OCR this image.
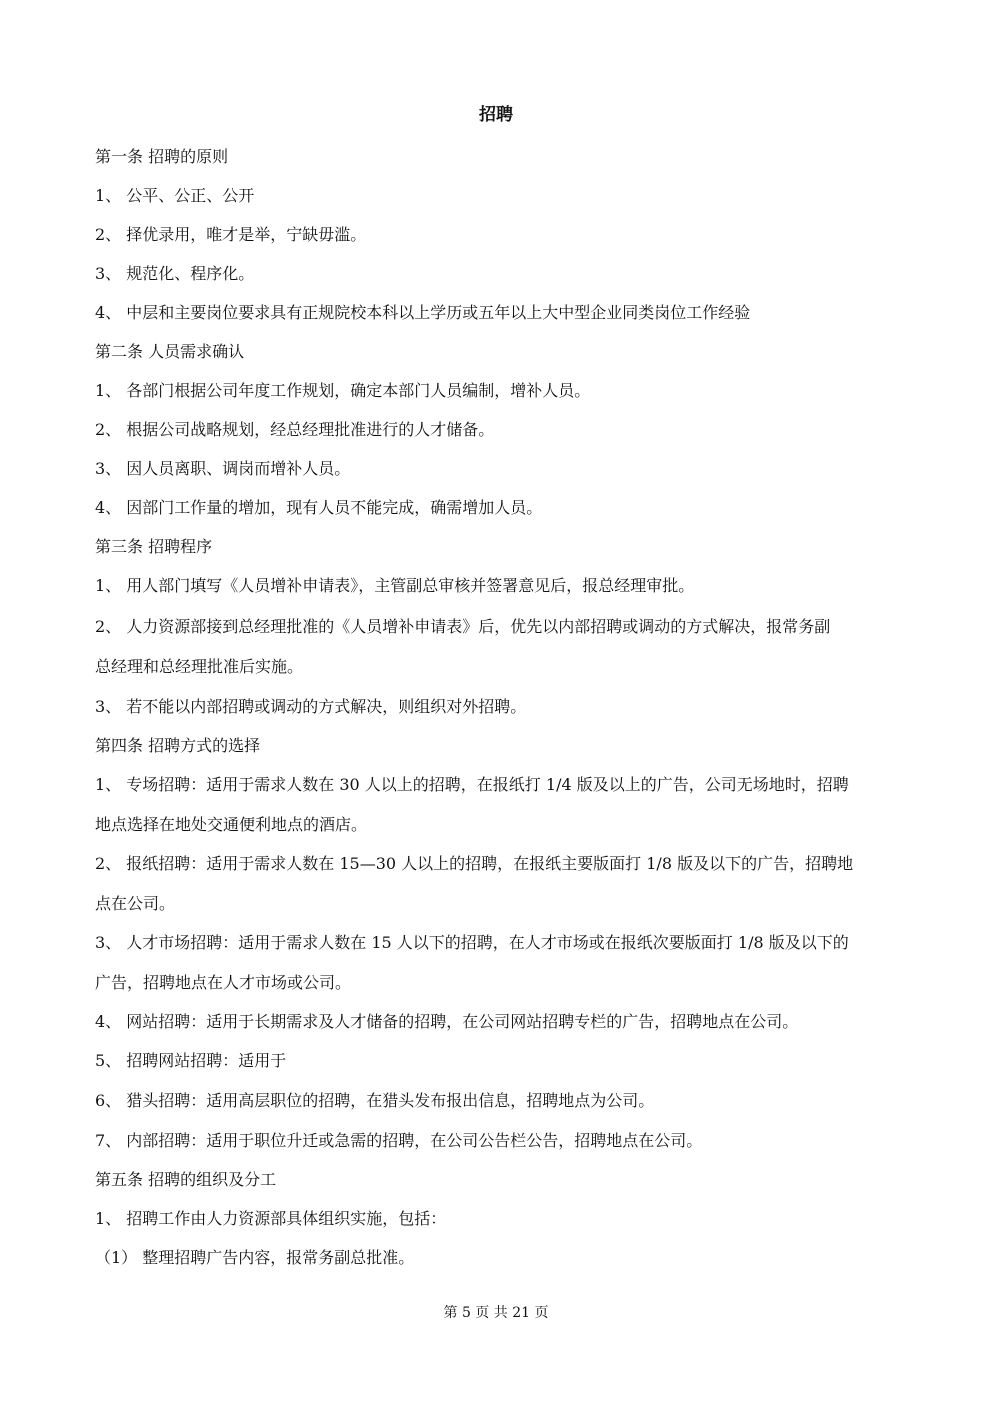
招聘
第一条 招聘的原则
1、 公平、公正、公开
2、 择优录用，唯才是举，宁缺毋滥。
3、 规范化、程序化。
4、 中层和主要岗位要求具有正规院校本科以上学历或五年以上大中型企业同类岗位工作经验
第二条 人员需求确认
1、 各部门根据公司年度工作规划，确定本部门人员编制，增补人员。
2、 根据公司战略规划，经总经理批准进行的人才储备。
3、 因人员离职、调岗而增补人员。
4、 因部门工作量的增加，现有人员不能完成，确需增加人员。
第三条 招聘程序
1、 用人部门填写《人员增补申请表》，主管副总审核并签署意见后，报总经理审批。
2、 人力资源部接到总经理批准的《人员增补申请表》后，优先以内部招聘或调动的方式解决，报常务副
总经理和总经理批准后实施。
3、 若不能以内部招聘或调动的方式解决，则组织对外招聘。
第四条 招聘方式的选择
1、 专场招聘：适用于需求人数在 30 人以上的招聘，在报纸打 1/4 版及以上的广告，公司无场地时，招聘
地点选择在地处交通便利地点的酒店。
2、 报纸招聘：适用于需求人数在 15—30 人以上的招聘，在报纸主要版面打 1/8 版及以下的广告，招聘地
点在公司。
3、 人才市场招聘：适用于需求人数在 15 人以下的招聘，在人才市场或在报纸次要版面打 1/8 版及以下的
广告，招聘地点在人才市场或公司。
4、 网站招聘：适用于长期需求及人才储备的招聘，在公司网站招聘专栏的广告，招聘地点在公司。
5、 招聘网站招聘：适用于
6、 猎头招聘：适用高层职位的招聘，在猎头发布报出信息，招聘地点为公司。
7、 内部招聘：适用于职位升迁或急需的招聘，在公司公告栏公告，招聘地点在公司。
第五条 招聘的组织及分工
1、 招聘工作由人力资源部具体组织实施，包括：
（1） 整理招聘广告内容，报常务副总批准。
第 5 页 共 21 页
